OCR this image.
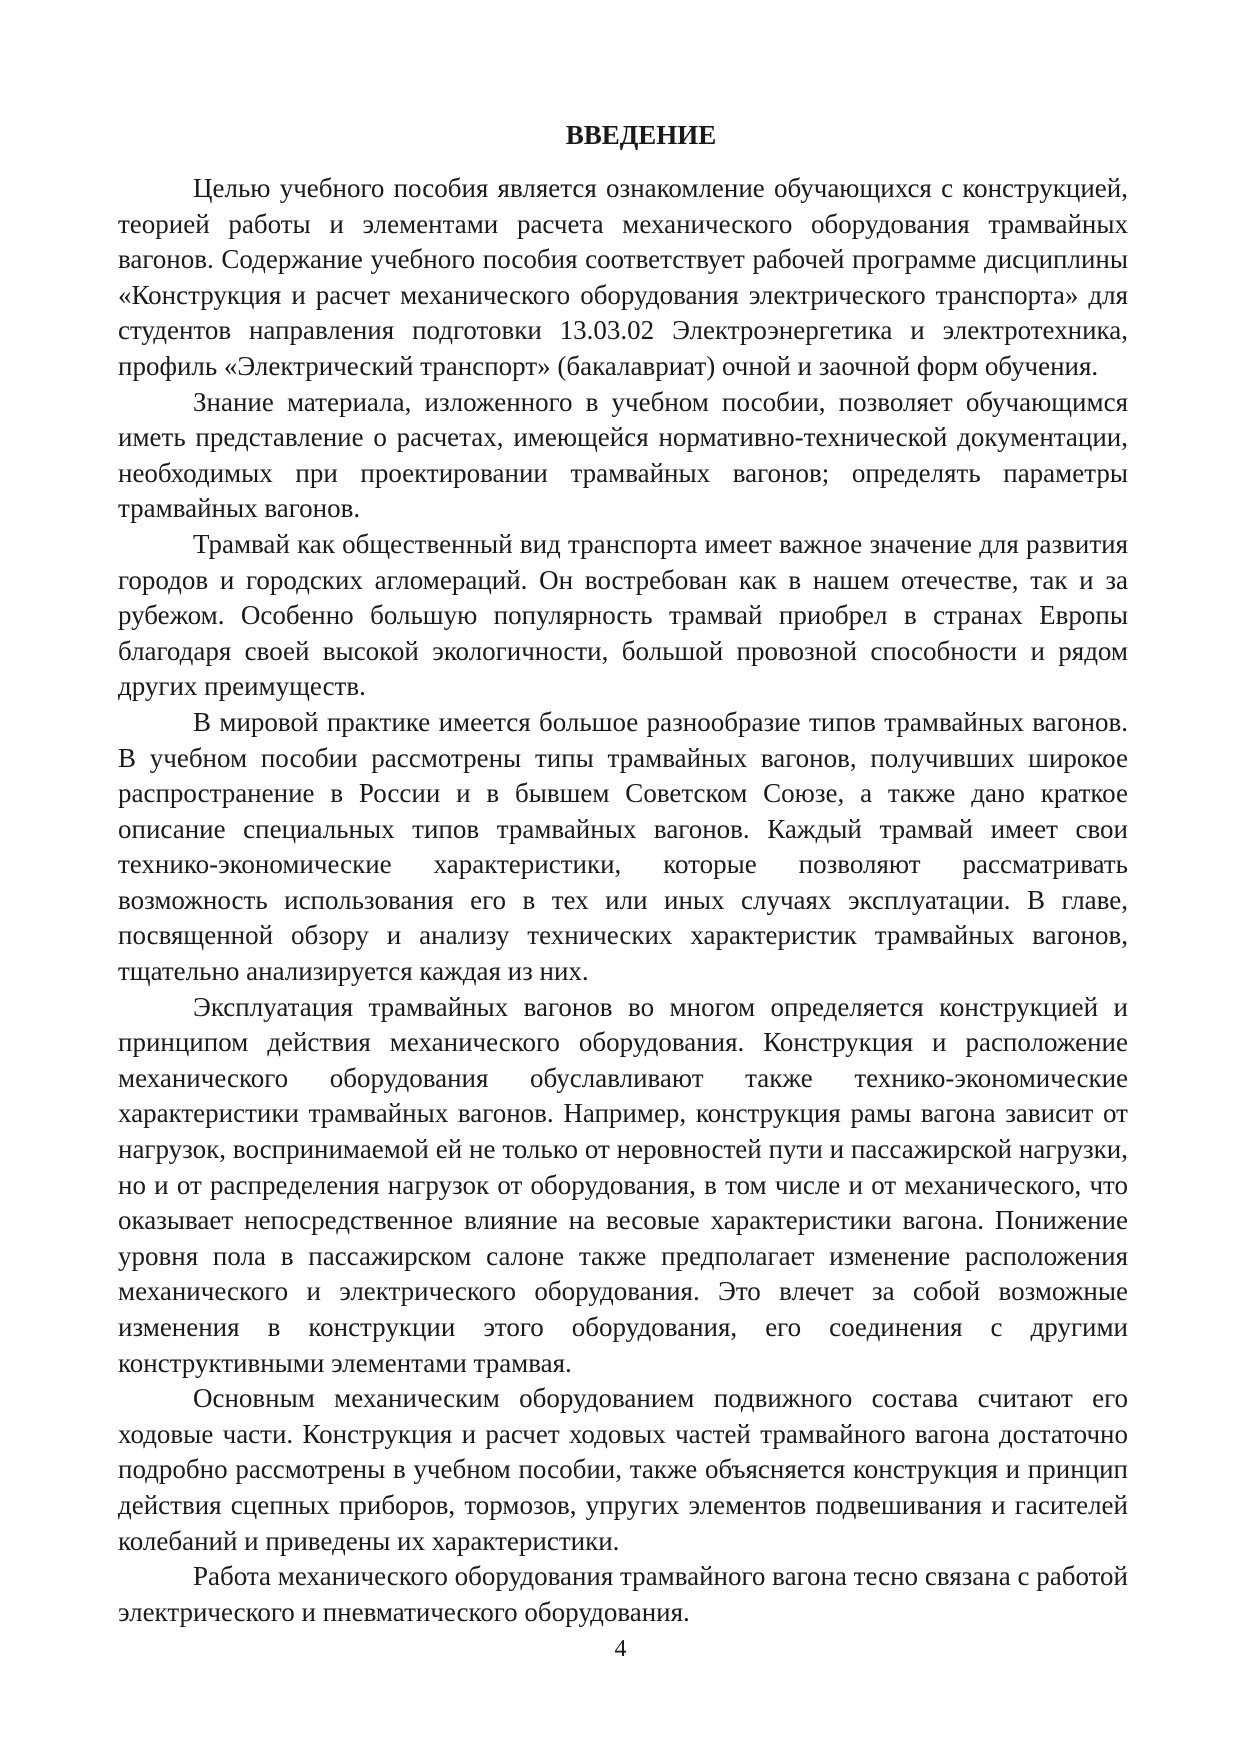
ВВЕДЕНИЕ

Целью учебного пособия является ознакомление обучающихся с конструкцией, теорией работы и элементами расчета механического оборудования трамвайных вагонов. Содержание учебного пособия соответствует рабочей программе дисциплины «Конструкция и расчет механического оборудования электрического транспорта» для студентов направления подготовки 13.03.02 Электроэнергетика и электротехника, профиль «Электрический транспорт» (бакалавриат) очной и заочной форм обучения.

Знание материала, изложенного в учебном пособии, позволяет обучающимся иметь представление о расчетах, имеющейся нормативно-технической документации, необходимых при проектировании трамвайных вагонов; определять параметры трамвайных вагонов.

Трамвай как общественный вид транспорта имеет важное значение для развития городов и городских агломераций. Он востребован как в нашем отечестве, так и за рубежом. Особенно большую популярность трамвай приобрел в странах Европы благодаря своей высокой экологичности, большой провозной способности и рядом других преимуществ.

В мировой практике имеется большое разнообразие типов трамвайных вагонов. В учебном пособии рассмотрены типы трамвайных вагонов, получивших широкое распространение в России и в бывшем Советском Союзе, а также дано краткое описание специальных типов трамвайных вагонов. Каждый трамвай имеет свои технико-экономические характеристики, которые позволяют рассматривать возможность использования его в тех или иных случаях эксплуатации. В главе, посвященной обзору и анализу технических характеристик трамвайных вагонов, тщательно анализируется каждая из них.

Эксплуатация трамвайных вагонов во многом определяется конструкцией и принципом действия механического оборудования. Конструкция и расположение механического оборудования обуславливают также технико-экономические характеристики трамвайных вагонов. Например, конструкция рамы вагона зависит от нагрузок, воспринимаемой ей не только от неровностей пути и пассажирской нагрузки, но и от распределения нагрузок от оборудования, в том числе и от механического, что оказывает непосредственное влияние на весовые характеристики вагона. Понижение уровня пола в пассажирском салоне также предполагает изменение расположения механического и электрического оборудования. Это влечет за собой возможные изменения в конструкции этого оборудования, его соединения с другими конструктивными элементами трамвая.

Основным механическим оборудованием подвижного состава считают его ходовые части. Конструкция и расчет ходовых частей трамвайного вагона достаточно подробно рассмотрены в учебном пособии, также объясняется конструкция и принцип действия сцепных приборов, тормозов, упругих элементов подвешивания и гасителей колебаний и приведены их характеристики.

Работа механического оборудования трамвайного вагона тесно связана с работой электрического и пневматического оборудования.

4
